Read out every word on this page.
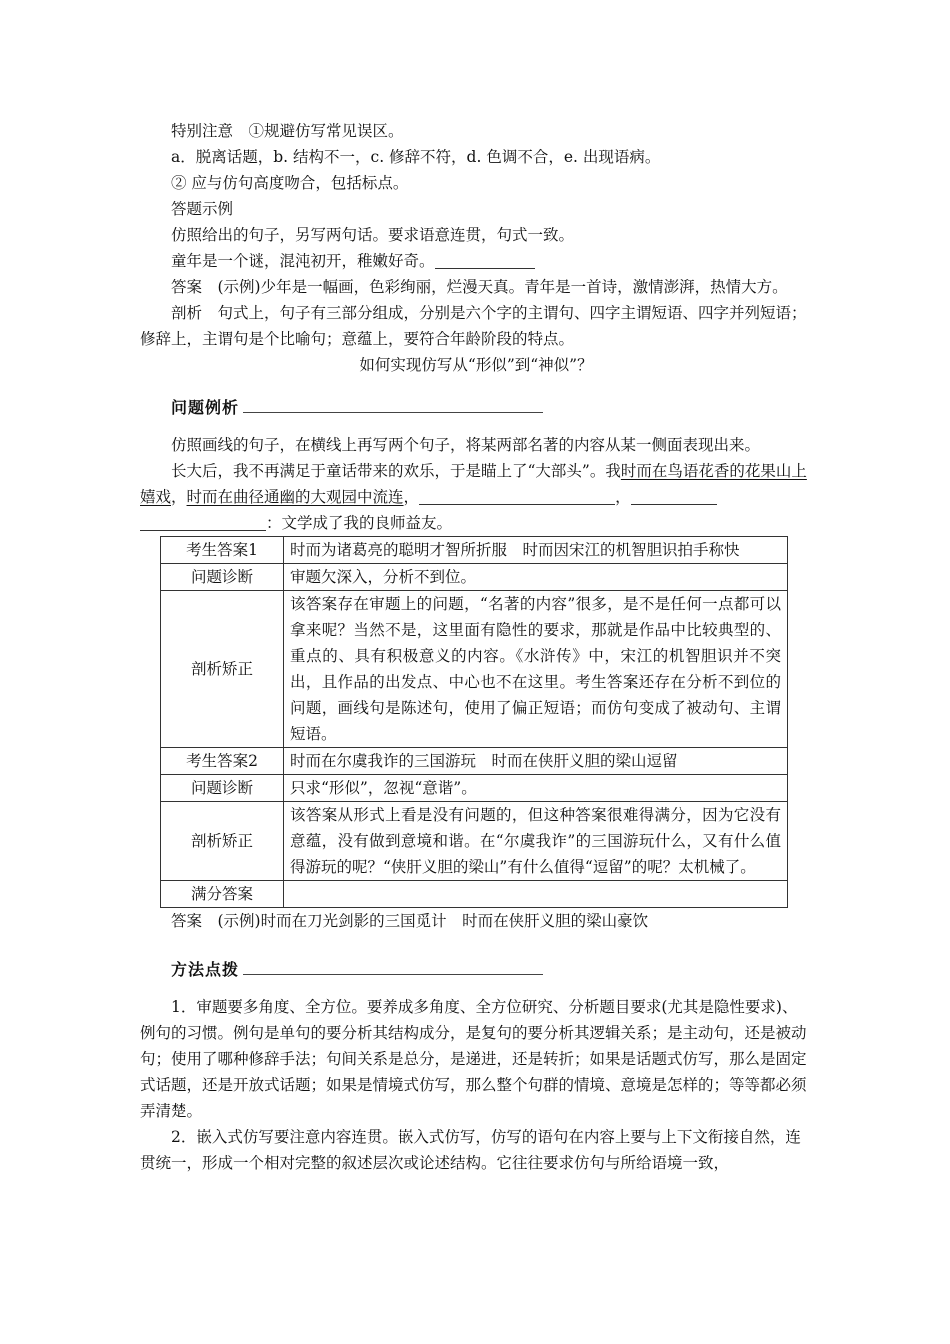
特别注意　①规避仿写常见误区。

a．脱离话题，b. 结构不一，c. 修辞不符，d. 色调不合，e. 出现语病。

② 应与仿句高度吻合，包括标点。

答题示例

仿照给出的句子，另写两句话。要求语意连贯，句式一致。

童年是一个谜，混沌初开，稚嫩好奇。

答案　(示例)少年是一幅画，色彩绚丽，烂漫天真。青年是一首诗，激情澎湃，热情大方。

剖析　句式上，句子有三部分组成，分别是六个字的主谓句、四字主谓短语、四字并列短语；修辞上，主谓句是个比喻句；意蕴上，要符合年龄阶段的特点。

如何实现仿写从“形似”到“神似”？

问题例析

仿照画线的句子，在横线上再写两个句子，将某两部名著的内容从某一侧面表现出来。

长大后，我不再满足于童话带来的欢乐，于是瞄上了“大部头”。我时而在鸟语花香的花果山上嬉戏，时而在曲径通幽的大观园中流连，	，：文学成了我的良师益友。

考生答案1	时而为诸葛亮的聪明才智所折服　时而因宋江的机智胆识拍手称快
问题诊断	审题欠深入，分析不到位。
剖析矫正	该答案存在审题上的问题，“名著的内容”很多，是不是任何一点都可以拿来呢？当然不是，这里面有隐性的要求，那就是作品中比较典型的、重点的、具有积极意义的内容。《水浒传》中，宋江的机智胆识并不突出，且作品的出发点、中心也不在这里。考生答案还存在分析不到位的问题，画线句是陈述句，使用了偏正短语；而仿句变成了被动句、主谓短语。
考生答案2	时而在尔虞我诈的三国游玩　时而在侠肝义胆的梁山逗留
问题诊断	只求“形似”，忽视“意谐”。
剖析矫正	该答案从形式上看是没有问题的，但这种答案很难得满分，因为它没有意蕴，没有做到意境和谐。在“尔虞我诈”的三国游玩什么，又有什么值得游玩的呢？“侠肝义胆的梁山”有什么值得“逗留”的呢？太机械了。
满分答案	

答案　(示例)时而在刀光剑影的三国觅计　时而在侠肝义胆的梁山豪饮

方法点拨

1．审题要多角度、全方位。要养成多角度、全方位研究、分析题目要求(尤其是隐性要求)、例句的习惯。例句是单句的要分析其结构成分，是复句的要分析其逻辑关系；是主动句，还是被动句；使用了哪种修辞手法；句间关系是总分，是递进，还是转折；如果是话题式仿写，那么是固定式话题，还是开放式话题；如果是情境式仿写，那么整个句群的情境、意境是怎样的；等等都必须弄清楚。

2．嵌入式仿写要注意内容连贯。嵌入式仿写，仿写的语句在内容上要与上下文衔接自然，连贯统一，形成一个相对完整的叙述层次或论述结构。它往往要求仿句与所给语境一致，
